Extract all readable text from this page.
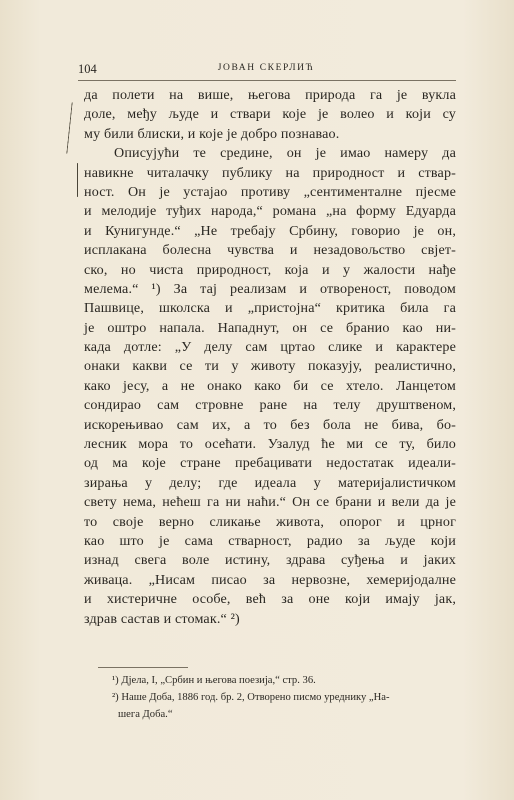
104	ЈОВАН СКЕРЛИЋ
да полети на више, његова природа га је вукла
доле, међу људе и ствари које је волео и који су
му били блиски, и које је добро познавао.
Описујући те средине, он је имао намеру да
навикне читалачку публику на природност и ствар-
ност. Он је устајао противу „сентименталне пјесме
и мелодије туђих народа,“ романа „на форму Едуарда
и Кунигунде.“ „Не требају Србину, говорио је он,
исплакана болесна чувства и незадовољство свјет-
ско, но чиста природност, која и у жалости нађе
мелема.“ ¹) За тај реализам и отвореност, поводом
Пашвице, школска и „пристојна“ критика била га
је оштро напала. Нападнут, он се бранио као ни-
када дотле: „У делу сам цртао слике и карактере
онаки какви се ти у животу показују, реалистично,
како јесу, а не онако како би се хтело. Ланцетом
сондирао сам стровне ране на телу друштвеном,
искорењивао сам их, а то без бола не бива, бо-
лесник мора то осећати. Узалуд ће ми се ту, било
од ма које стране пребацивати недостатак идеали-
зирања у делу; где идеала у материјалистичком
свету нема, нећеш га ни наћи.“ Он се брани и вели да је
то своје верно сликање живота, опорог и црног
као што је сама стварност, радио за људе који
изнад свега воле истину, здрава суђења и јаких
живаца. „Нисам писао за нервозне, хемеријодалне
и хистеричне особе, већ за оне који имају јак,
здрав састав и стомак.“ ²)
¹) Дјела, I, „Србин и његова поезија,“ стр. 36.
²) Наше Доба, 1886 год. бр. 2, Отворено писмо уреднику „На-
шега Доба.“
